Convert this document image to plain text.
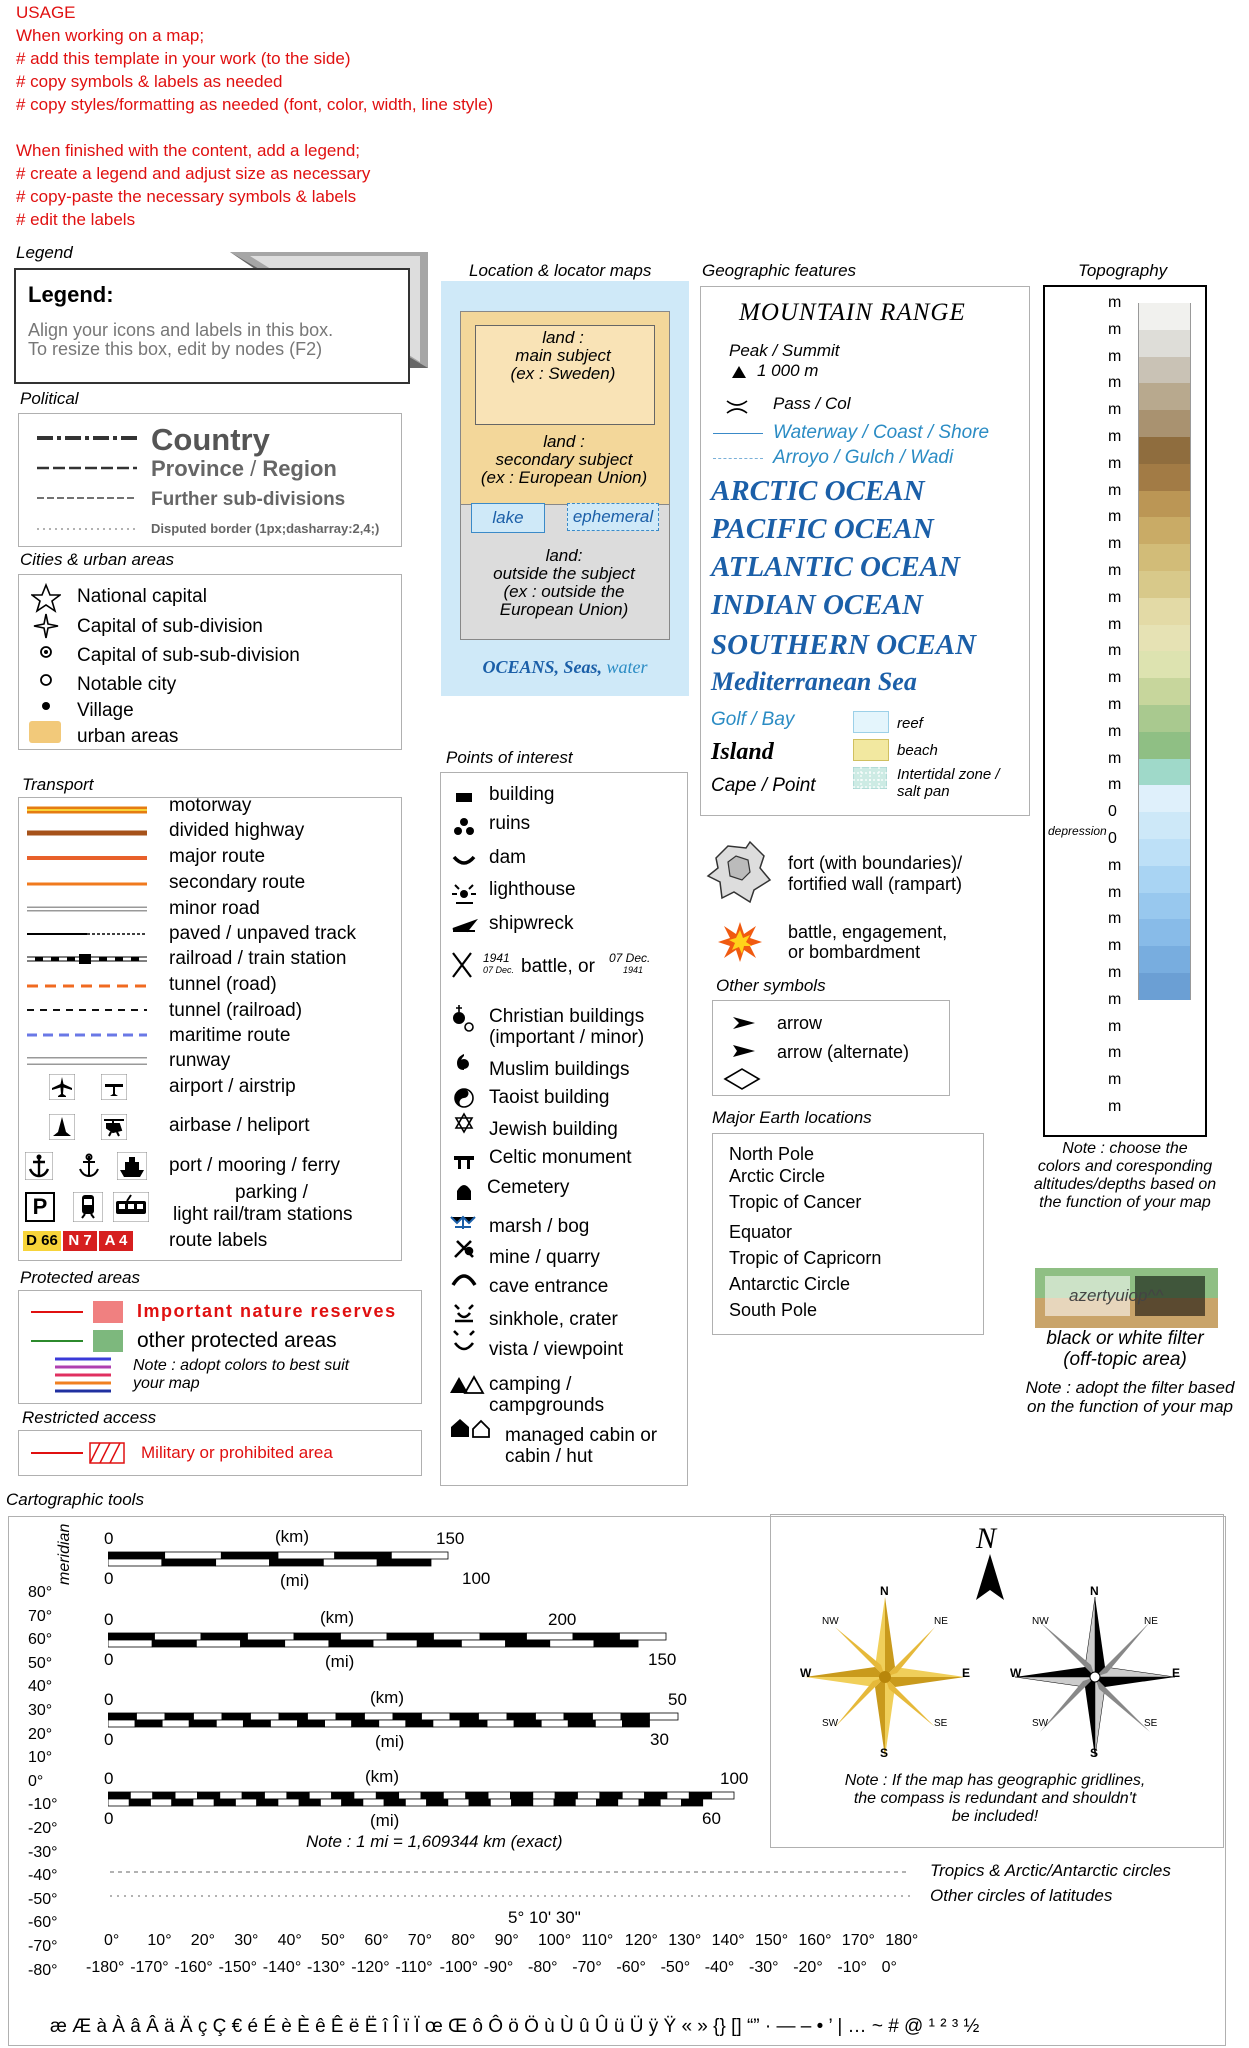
USAGE
When working on a map;
# add this template in your work (to the side)
# copy symbols & labels as needed
# copy styles/formatting as needed (font, color, width, line style)
When finished with the content, add a legend;
# create a legend and adjust size as necessary
# copy-paste the necessary symbols & labels
# edit the labels
Legend
Legend:
Align your icons and labels in this box.
To resize this box, edit by nodes (F2)
Political
Country
Province / Region
Further sub-divisions
Disputed border (1px;dasharray:2,4;)
Cities & urban areas
National capital
Capital of sub-division
Capital of sub-sub-division
Notable city
Village
urban areas
Transport
P
D 66 N 7 A 4
motorway
divided highway
major route
secondary route
minor road
paved / unpaved track
railroad / train station
tunnel (road)
tunnel (railroad)
maritime route
runway
airport / airstrip
airbase / heliport
port / mooring / ferry
parking /
light rail/tram stations
route labels
Protected areas
Important nature reserves
other protected areas
Note : adopt colors to best suit
your map
Restricted access
Military or prohibited area
Location & locator maps
land :
main subject
(ex : Sweden)
land :
secondary subject
(ex : European Union)
lake	ephemeral
land:
outside the subject
(ex : outside the
European Union)
OCEANS, Seas, water
Points of interest
building
ruins
dam
lighthouse
shipwreck
1941
07 Dec. battle, or 07 Dec.
1941
Christian buildings
(important / minor)
Muslim buildings
Taoist building
Jewish building
Celtic monument
Cemetery
marsh / bog
mine / quarry
cave entrance
sinkhole, crater
vista / viewpoint
camping /
campgrounds
managed cabin or
cabin / hut
Geographic features
MOUNTAIN RANGE
Peak / Summit
1 000 m
Pass / Col
Waterway / Coast / Shore
Arroyo / Gulch / Wadi
ARCTIC OCEAN
PACIFIC OCEAN
ATLANTIC OCEAN
INDIAN OCEAN
SOUTHERN OCEAN
Mediterranean Sea
Golf / Bay
Island
Cape / Point
reef
beach
Intertidal zone /
salt pan
fort (with boundaries)/
fortified wall (rampart)
battle, engagement,
or bombardment
Other symbols
arrow
arrow (alternate)
Major Earth locations
North Pole
Arctic Circle
Tropic of Cancer
Equator
Tropic of Capricorn
Antarctic Circle
South Pole
Topography
m
m
m
m
m
m
m
m
m
m
m
m
m
m
m
m
m
m
m
0
0
m
m
m
m
m
m
m
m
m
m
depression
Note : choose the
colors and coresponding
altitudes/depths based on
the function of your map
azertyuiop^^
black or white filter
(off-topic area)
Note : adopt the filter based
on the function of your map
Cartographic tools
meridian
80°
70°
60°
50°
40°
30°
20°
10°
0°
-10°
-20°
-30°
-40°
-50°
-60°
-70°
-80°
0	(km)	150
0	(mi)	100
0	(km)	200
0	(mi)	150
0	(km)	50
0	(mi)	30
0	(km)	100
0	(mi)	60
Note : 1 mi = 1,609344 km (exact)
Tropics & Arctic/Antarctic circles
Other circles of latitudes
5° 10' 30"
0° 10° 20° 30° 40° 50° 60° 70° 80° 90° 100° 110° 120° 130° 140° 150° 160° 170° 180°
-180° -170° -160° -150° -140° -130° -120° -110° -100° -90° -80° -70° -60° -50° -40° -30° -20° -10° 0°
N
N
S
E
W
NW	NE
SW	SE
N
S
E
W
NW	NE
SW	SE
Note : If the map has geographic gridlines,
the compass is redundant and shouldn't
be included!
æ Æ à À â Â ä Ä ç Ç € é É è È ê Ê ë Ë î Î ï Ï œ Œ ô Ô ö Ö ù Ù û Û ü Ü ÿ Ÿ « » {} [] “” · — – • ’ | … ~ # @ ¹ ² ³ ½
